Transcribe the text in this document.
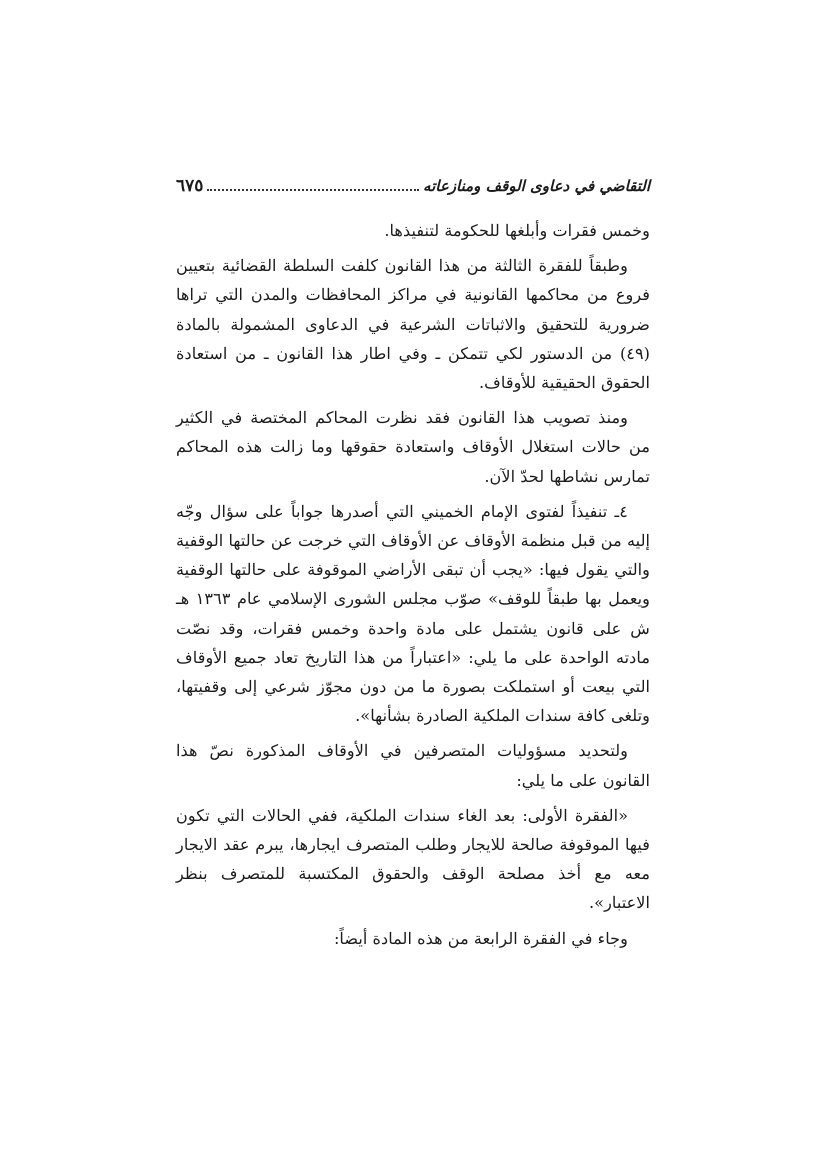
التقاضي في دعاوى الوقف ومنازعاته
٦٧٥

وخمس فقرات وأبلغها للحكومة لتنفيذها.

وطبقاً للفقرة الثالثة من هذا القانون كلفت السلطة القضائية بتعيين فروع من محاكمها القانونية في مراكز المحافظات والمدن التي تراها ضرورية للتحقيق والاثباتات الشرعية في الدعاوى المشمولة بالمادة (٤٩) من الدستور لكي تتمكن ـ وفي اطار هذا القانون ـ من استعادة الحقوق الحقيقية للأوقاف.

ومنذ تصويب هذا القانون فقد نظرت المحاكم المختصة في الكثير من حالات استغلال الأوقاف واستعادة حقوقها وما زالت هذه المحاكم تمارس نشاطها لحدّ الآن.

٤ـ تنفيذاً لفتوى الإمام الخميني التي أصدرها جواباً على سؤال وجّه إليه من قبل منظمة الأوقاف عن الأوقاف التي خرجت عن حالتها الوقفية والتي يقول فيها: «يجب أن تبقى الأراضي الموقوفة على حالتها الوقفية ويعمل بها طبقاً للوقف» صوّب مجلس الشورى الإسلامي عام ١٣٦٣ هـ ش على قانون يشتمل على مادة واحدة وخمس فقرات، وقد نصّت مادته الواحدة على ما يلي: «اعتباراً من هذا التاريخ تعاد جميع الأوقاف التي بيعت أو استملكت بصورة ما من دون مجوّز شرعي إلى وقفيتها، وتلغى كافة سندات الملكية الصادرة بشأنها».

ولتحديد مسؤوليات المتصرفين في الأوقاف المذكورة نصّ هذا القانون على ما يلي:

«الفقرة الأولى: بعد الغاء سندات الملكية، ففي الحالات التي تكون فيها الموقوفة صالحة للايجار وطلب المتصرف ايجارها، يبرم عقد الايجار معه مع أخذ مصلحة الوقف والحقوق المكتسبة للمتصرف بنظر الاعتبار».

وجاء في الفقرة الرابعة من هذه المادة أيضاً:
